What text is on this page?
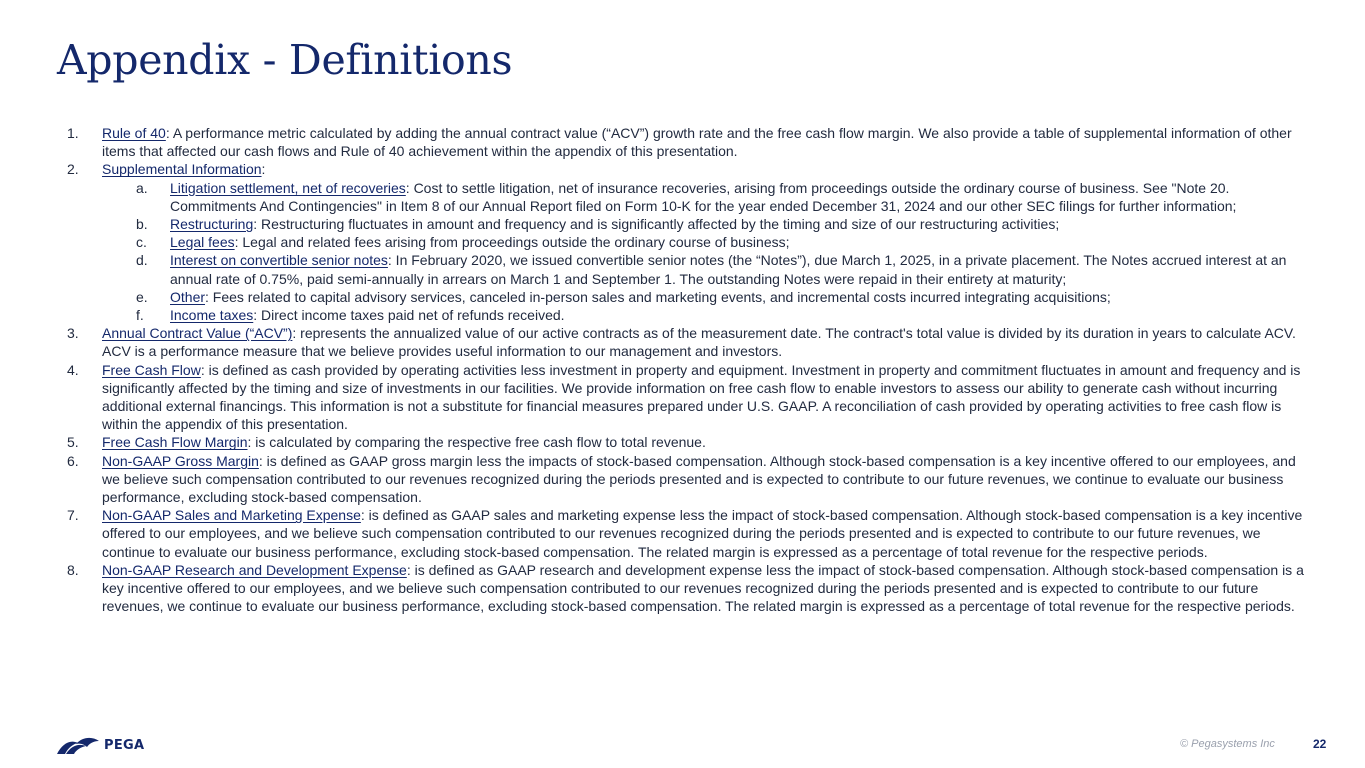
Appendix - Definitions
1. Rule of 40: A performance metric calculated by adding the annual contract value (“ACV”) growth rate and the free cash flow margin. We also provide a table of supplemental information of other items that affected our cash flows and Rule of 40 achievement within the appendix of this presentation.
2. Supplemental Information:
a. Litigation settlement, net of recoveries: Cost to settle litigation, net of insurance recoveries, arising from proceedings outside the ordinary course of business. See "Note 20. Commitments And Contingencies" in Item 8 of our Annual Report filed on Form 10-K for the year ended December 31, 2024 and our other SEC filings for further information;
b. Restructuring: Restructuring fluctuates in amount and frequency and is significantly affected by the timing and size of our restructuring activities;
c. Legal fees: Legal and related fees arising from proceedings outside the ordinary course of business;
d. Interest on convertible senior notes: In February 2020, we issued convertible senior notes (the “Notes”), due March 1, 2025, in a private placement. The Notes accrued interest at an annual rate of 0.75%, paid semi-annually in arrears on March 1 and September 1. The outstanding Notes were repaid in their entirety at maturity;
e. Other: Fees related to capital advisory services, canceled in-person sales and marketing events, and incremental costs incurred integrating acquisitions;
f. Income taxes: Direct income taxes paid net of refunds received.
3. Annual Contract Value (“ACV”): represents the annualized value of our active contracts as of the measurement date. The contract's total value is divided by its duration in years to calculate ACV. ACV is a performance measure that we believe provides useful information to our management and investors.
4. Free Cash Flow: is defined as cash provided by operating activities less investment in property and equipment. Investment in property and commitment fluctuates in amount and frequency and is significantly affected by the timing and size of investments in our facilities. We provide information on free cash flow to enable investors to assess our ability to generate cash without incurring additional external financings. This information is not a substitute for financial measures prepared under U.S. GAAP. A reconciliation of cash provided by operating activities to free cash flow is within the appendix of this presentation.
5. Free Cash Flow Margin: is calculated by comparing the respective free cash flow to total revenue.
6. Non-GAAP Gross Margin: is defined as GAAP gross margin less the impacts of stock-based compensation. Although stock-based compensation is a key incentive offered to our employees, and we believe such compensation contributed to our revenues recognized during the periods presented and is expected to contribute to our future revenues, we continue to evaluate our business performance, excluding stock-based compensation.
7. Non-GAAP Sales and Marketing Expense: is defined as GAAP sales and marketing expense less the impact of stock-based compensation. Although stock-based compensation is a key incentive offered to our employees, and we believe such compensation contributed to our revenues recognized during the periods presented and is expected to contribute to our future revenues, we continue to evaluate our business performance, excluding stock-based compensation. The related margin is expressed as a percentage of total revenue for the respective periods.
8. Non-GAAP Research and Development Expense: is defined as GAAP research and development expense less the impact of stock-based compensation. Although stock-based compensation is a key incentive offered to our employees, and we believe such compensation contributed to our revenues recognized during the periods presented and is expected to contribute to our future revenues, we continue to evaluate our business performance, excluding stock-based compensation. The related margin is expressed as a percentage of total revenue for the respective periods.
PEGA	© Pegasystems Inc	22
